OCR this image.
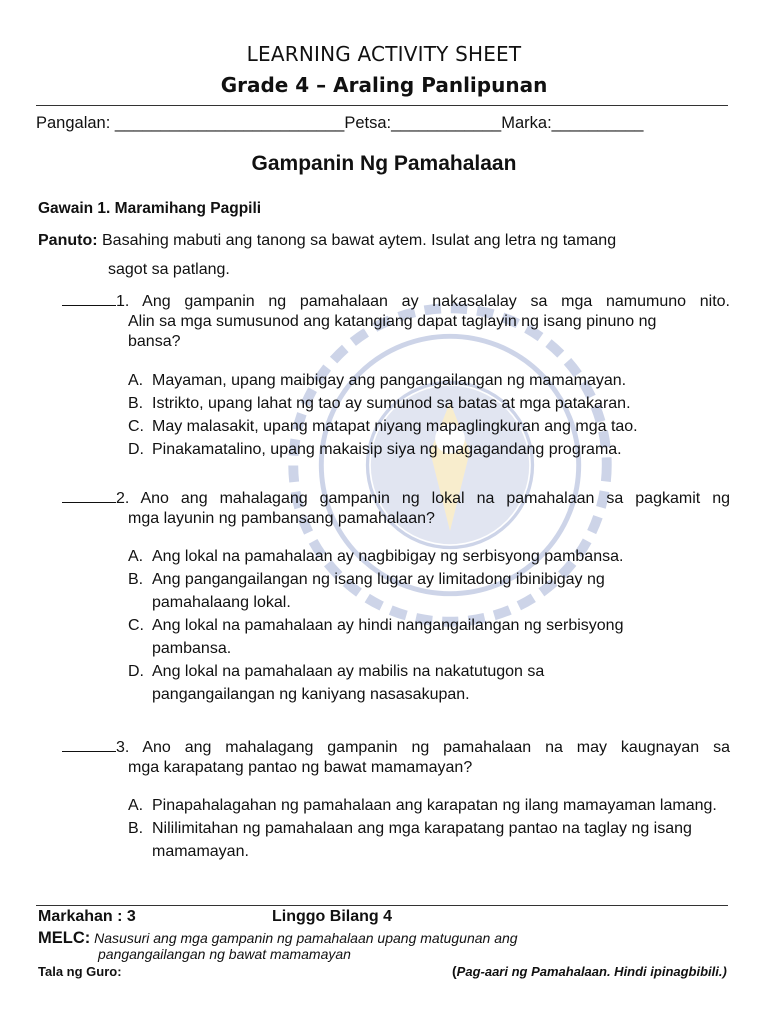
LEARNING ACTIVITY SHEET
Grade 4 – Araling Panlipunan
Pangalan: _________________________Petsa:____________Marka:__________
Gampanin Ng Pamahalaan
Gawain 1. Maramihang Pagpili
Panuto: Basahing mabuti ang tanong sa bawat aytem. Isulat ang letra ng tamang
sagot sa patlang.
1. Ang gampanin ng pamahalaan ay nakasalalay sa mga namumuno nito.
Alin sa mga sumusunod ang katangiang dapat taglayin ng isang pinuno ng
bansa?
A. Mayaman, upang maibigay ang pangangailangan ng mamamayan.
B. Istrikto, upang lahat ng tao ay sumunod sa batas at mga patakaran.
C. May malasakit, upang matapat niyang mapaglingkuran ang mga tao.
D. Pinakamatalino, upang makaisip siya ng magagandang programa.
2. Ano ang mahalagang gampanin ng lokal na pamahalaan sa pagkamit ng
mga layunin ng pambansang pamahalaan?
A. Ang lokal na pamahalaan ay nagbibigay ng serbisyong pambansa.
B. Ang pangangailangan ng isang lugar ay limitadong ibinibigay ng pamahalaang lokal.
C. Ang lokal na pamahalaan ay hindi nangangailangan ng serbisyong pambansa.
D. Ang lokal na pamahalaan ay mabilis na nakatutugon sa pangangailangan ng kaniyang nasasakupan.
3. Ano ang mahalagang gampanin ng pamahalaan na may kaugnayan sa
mga karapatang pantao ng bawat mamamayan?
A. Pinapahalagahan ng pamahalaan ang karapatan ng ilang mamayaman lamang.
B. Nililimitahan ng pamahalaan ang mga karapatang pantao na taglay ng isang mamamayan.
Markahan : 3	Linggo Bilang 4
MELC: Nasusuri ang mga gampanin ng pamahalaan upang matugunan ang
pangangailangan ng bawat mamamayan
Tala ng Guro:	(Pag-aari ng Pamahalaan. Hindi ipinagbibili.)
